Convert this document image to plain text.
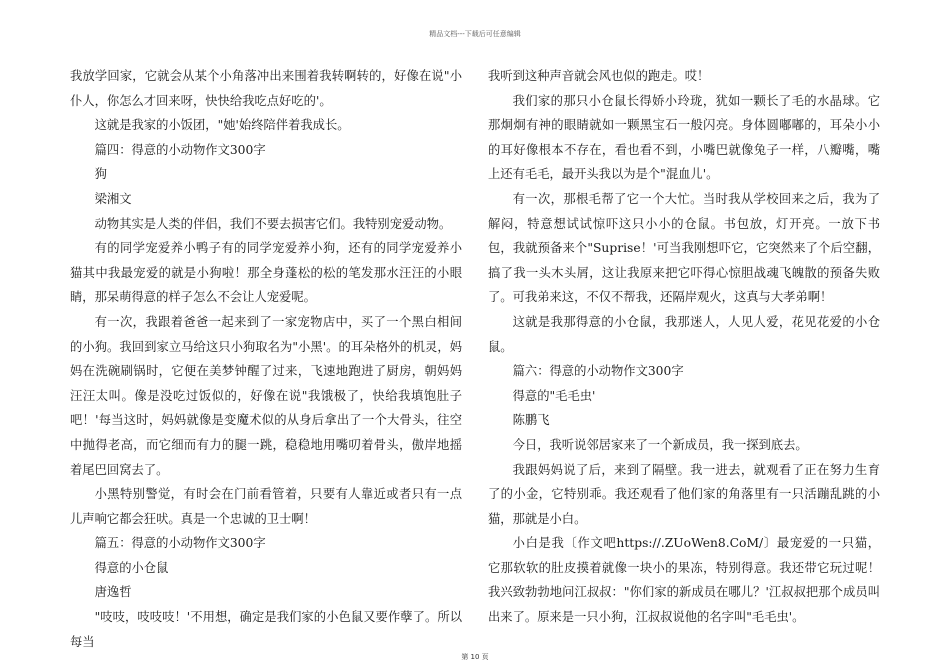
精品文档---下载后可任意编辑

我放学回家，它就会从某个小角落冲出来围着我转啊转的，好像在说"小仆人，你怎么才回来呀，快快给我吃点好吃的'。

这就是我家的小饭团，"她'始终陪伴着我成长。

篇四：得意的小动物作文300字

狗

梁湘文

动物其实是人类的伴侣，我们不要去损害它们。我特别宠爱动物。

有的同学宠爱养小鸭子有的同学宠爱养小狗，还有的同学宠爱养小猫其中我最宠爱的就是小狗啦！那全身蓬松的松的笔发那水汪汪的小眼睛，那呆萌得意的样子怎么不会让人宠爱呢。

有一次，我跟着爸爸一起来到了一家宠物店中，买了一个黑白相间的小狗。我回到家立马给这只小狗取名为"小黑'。的耳朵格外的机灵，妈妈在洗碗刷锅时，它便在美梦钟醒了过来，飞速地跑进了厨房，朝妈妈汪汪太叫。像是没吃过饭似的，好像在说"我饿极了，快给我填饱肚子吧！'每当这时，妈妈就像是变魔术似的从身后拿出了一个大骨头，往空中抛得老高，而它细而有力的腿一跳，稳稳地用嘴叨着骨头，傲岸地摇着尾巴回窝去了。

小黑特别警觉，有时会在门前看管着，只要有人靠近或者只有一点儿声响它都会狂吠。真是一个忠诚的卫士啊！

篇五：得意的小动物作文300字

得意的小仓鼠

唐逸哲

"吱吱，吱吱吱！'不用想，确定是我们家的小色鼠又要作孽了。所以每当

我听到这种声音就会风也似的跑走。哎！

我们家的那只小仓鼠长得娇小玲珑，犹如一颗长了毛的水晶球。它那炯炯有神的眼睛就如一颗黑宝石一般闪亮。身体圆嘟嘟的，耳朵小小的耳好像根本不存在，看也看不到，小嘴巴就像兔子一样，八瓣嘴，嘴上还有毛毛，最开头我以为是个"混血儿'。

有一次，那根毛帮了它一个大忙。当时我从学校回来之后，我为了解闷，特意想试试惊吓这只小小的仓鼠。书包放，灯开亮。一放下书包，我就预备来个"Suprise！'可当我刚想吓它，它突然来了个后空翻，搞了我一头木头屑，这让我原来把它吓得心惊胆战魂飞魄散的预备失败了。可我弟来这，不仅不帮我，还隔岸观火，这真与大孝弟啊！

这就是我那得意的小仓鼠，我那迷人，人见人爱，花见花爱的小仓鼠。

篇六：得意的小动物作文300字

得意的"毛毛虫'

陈鹏飞

今日，我听说邻居家来了一个新成员，我一探到底去。

我跟妈妈说了后，来到了隔壁。我一进去，就观看了正在努力生育了的小金，它特别乖。我还观看了他们家的角落里有一只活蹦乱跳的小猫，那就是小白。

小白是我〔作文吧https://.ZUoWen8.CoM/〕最宠爱的一只猫，它那软软的肚皮摸着就像一块小的果冻，特别得意。我还带它玩过呢！我兴致勃勃地问江叔叔："你们家的新成员在哪儿？'江叔叔把那个成员叫出来了。原来是一只小狗，江叔叔说他的名字叫"毛毛虫'。

第 10 页
